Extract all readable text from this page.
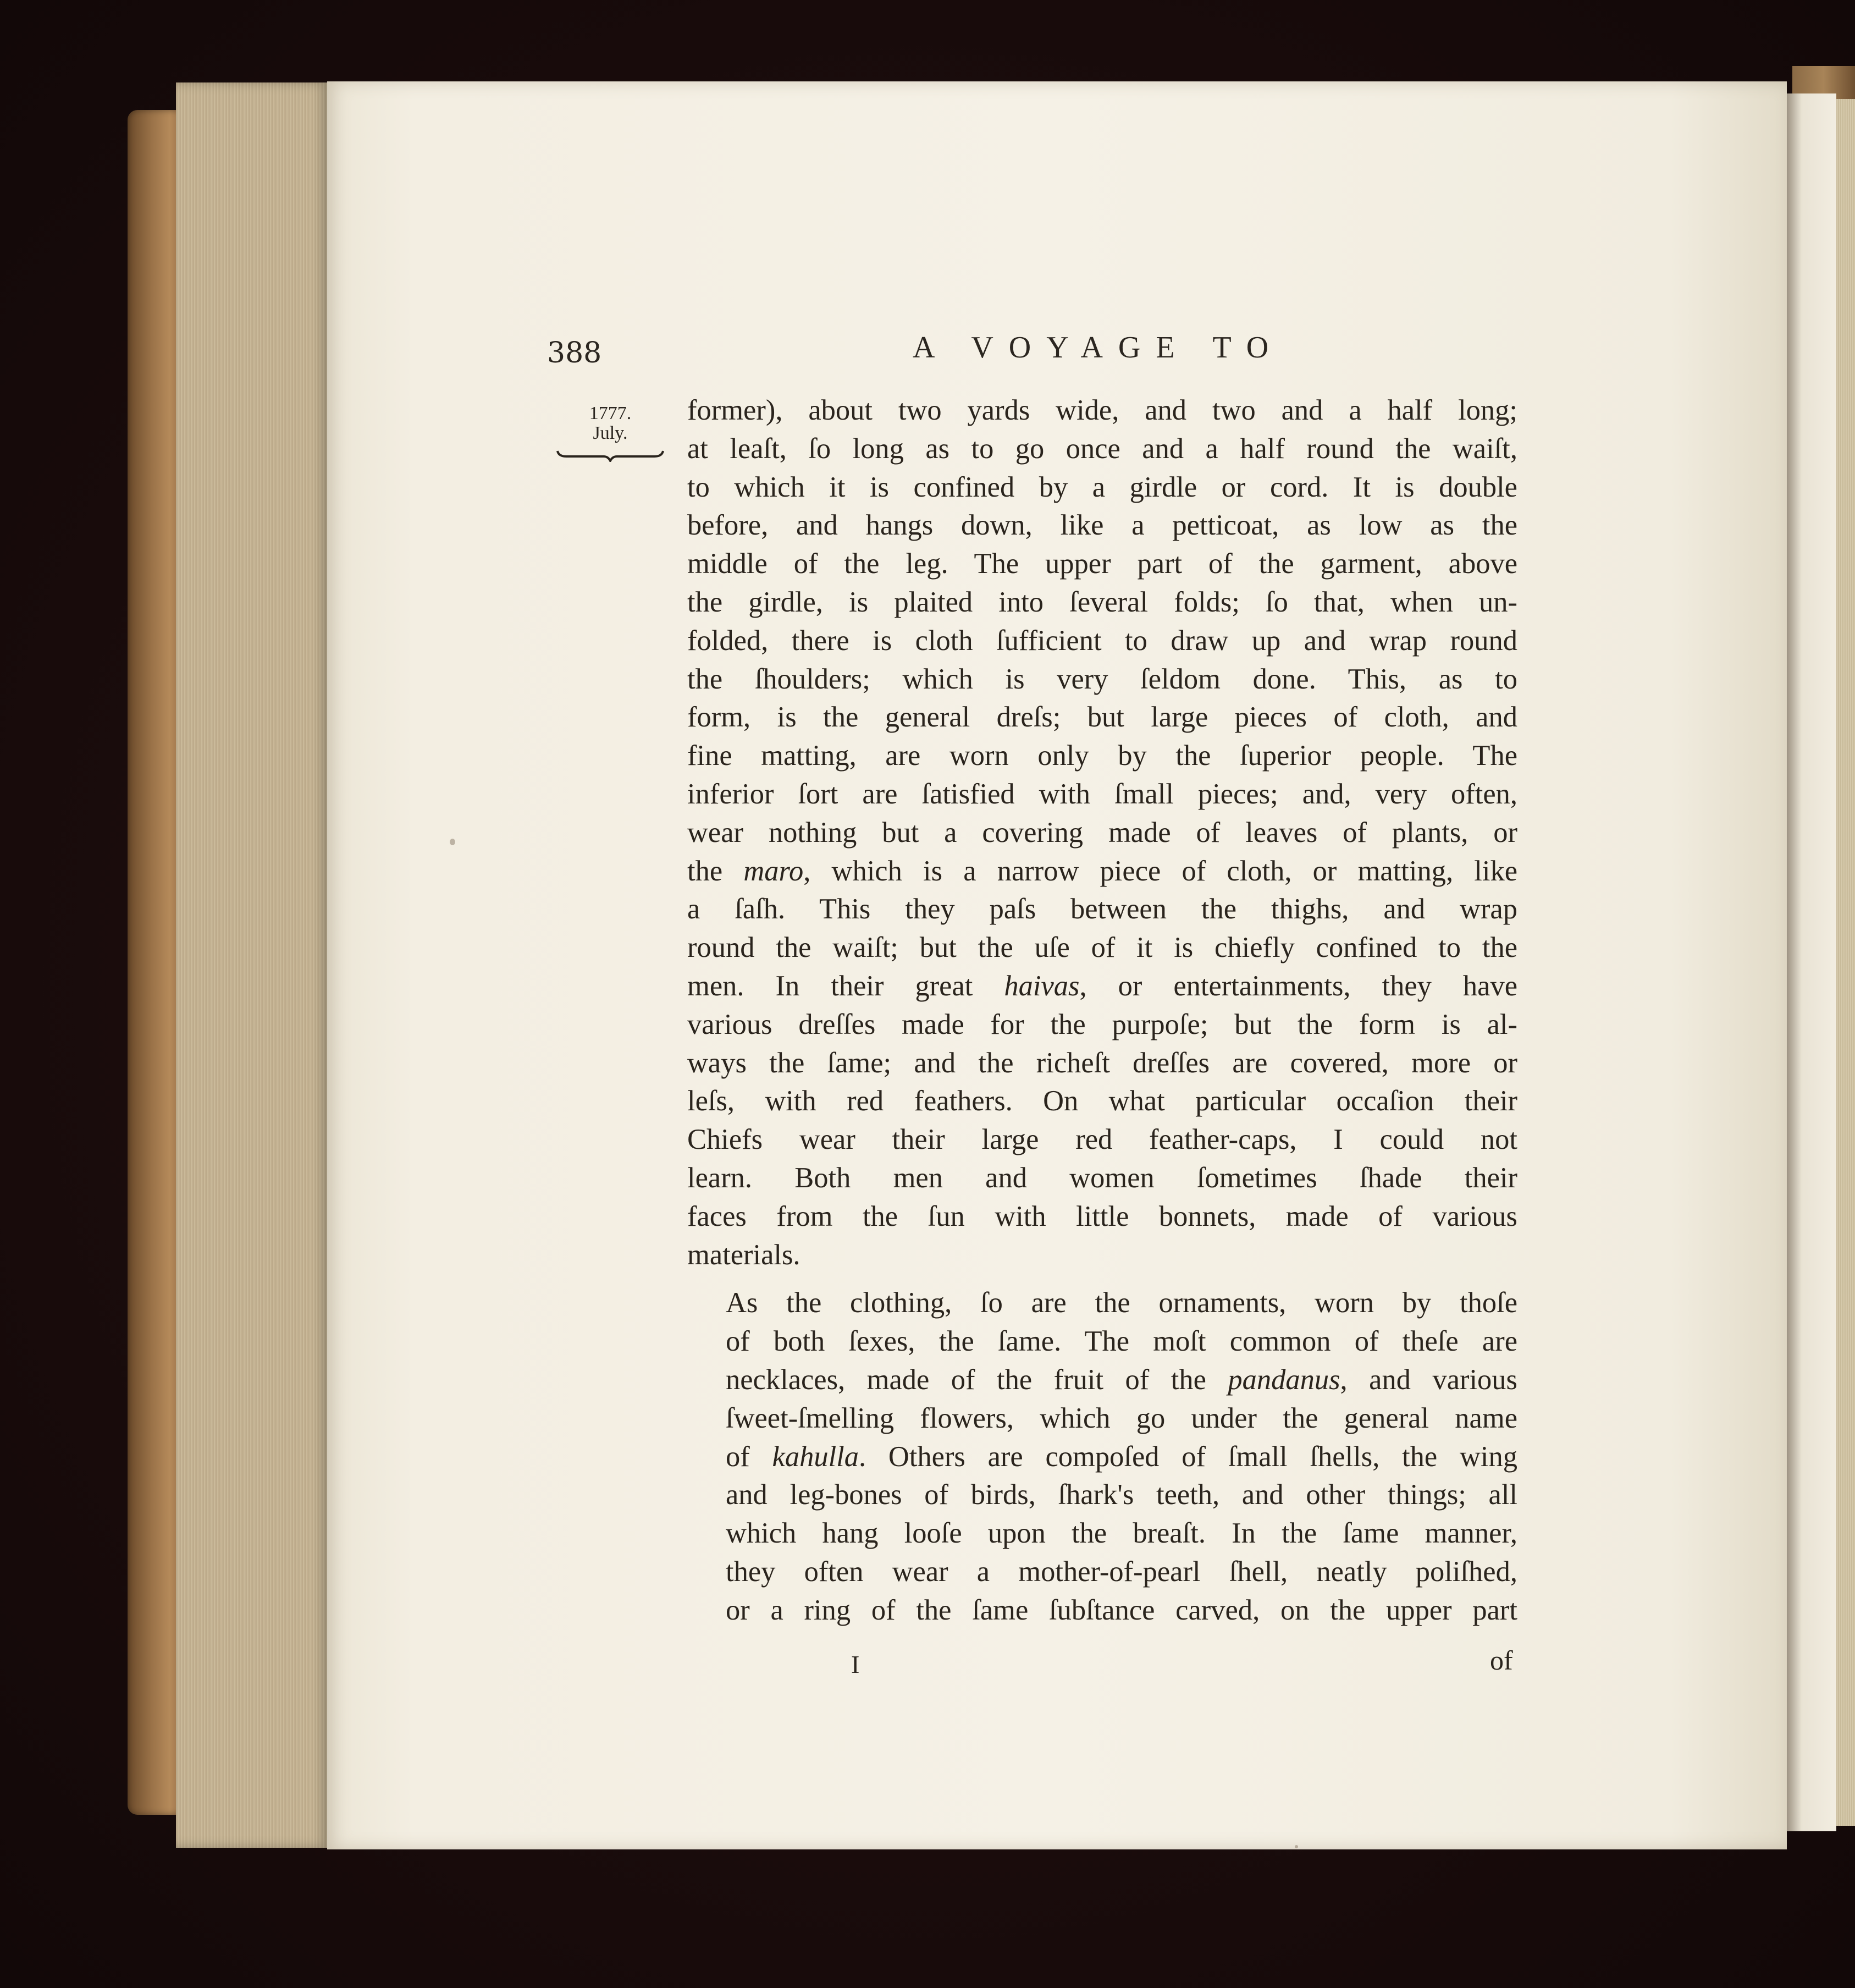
388	A VOYAGE TO
1777.
July.

former), about two yards wide, and two and a half long;
at leaſt, ſo long as to go once and a half round the waiſt,
to which it is confined by a girdle or cord. It is double
before, and hangs down, like a petticoat, as low as the
middle of the leg. The upper part of the garment, above
the girdle, is plaited into ſeveral folds; ſo that, when un-
folded, there is cloth ſufficient to draw up and wrap round
the ſhoulders; which is very ſeldom done. This, as to
form, is the general dreſs; but large pieces of cloth, and
fine matting, are worn only by the ſuperior people. The
inferior ſort are ſatisfied with ſmall pieces; and, very often,
wear nothing but a covering made of leaves of plants, or
the maro, which is a narrow piece of cloth, or matting, like
a ſaſh. This they paſs between the thighs, and wrap
round the waiſt; but the uſe of it is chiefly confined to the
men. In their great haivas, or entertainments, they have
various dreſſes made for the purpoſe; but the form is al-
ways the ſame; and the richeſt dreſſes are covered, more or
leſs, with red feathers. On what particular occaſion their
Chiefs wear their large red feather-caps, I could not
learn. Both men and women ſometimes ſhade their
faces from the ſun with little bonnets, made of various
materials.

As the clothing, ſo are the ornaments, worn by thoſe
of both ſexes, the ſame. The moſt common of theſe are
necklaces, made of the fruit of the pandanus, and various
ſweet-ſmelling flowers, which go under the general name
of kahulla. Others are compoſed of ſmall ſhells, the wing
and leg-bones of birds, ſhark's teeth, and other things; all
which hang looſe upon the breaſt. In the ſame manner,
they often wear a mother-of-pearl ſhell, neatly poliſhed,
or a ring of the ſame ſubſtance carved, on the upper part

I	of
